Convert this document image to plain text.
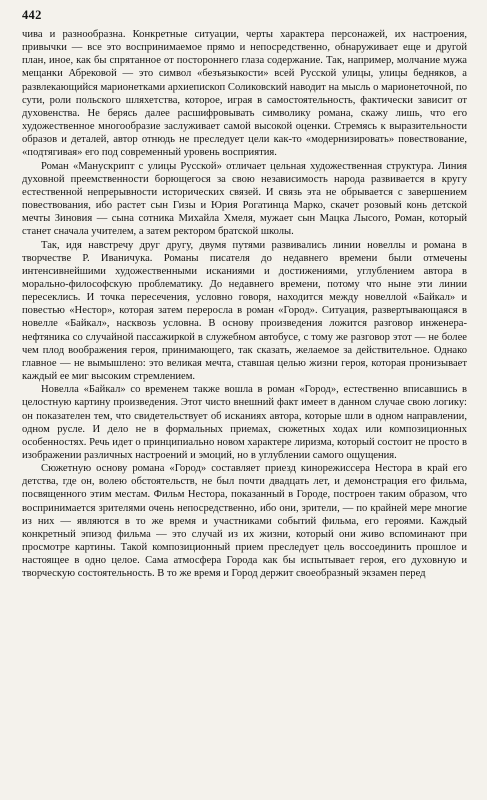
442

чива и разнообразна. Конкретные ситуации, черты характера персонажей, их настроения, привычки — все это воспринимаемое прямо и непосредственно, обнаруживает еще и другой план, иное, как бы спрятанное от постороннего глаза содержание. Так, например, молчание мужа мещанки Абрековой — это символ «безъязыкости» всей Русской улицы, улицы бедняков, а развлекающийся марионетками архиепископ Соликовский наводит на мысль о марионеточной, по сути, роли польского шляхетства, которое, играя в самостоятельность, фактически зависит от духовенства. Не берясь далее расшифровывать символику романа, скажу лишь, что его художественное многообразие заслуживает самой высокой оценки. Стремясь к выразительности образов и деталей, автор отнюдь не преследует цели как-то «модернизировать» повествование, «подтягивая» его под современный уровень восприятия.

Роман «Манускрипт с улицы Русской» отличает цельная художественная структура. Линия духовной преемственности борющегося за свою независимость народа развивается в кругу естественной непрерывности исторических связей. И связь эта не обрывается с завершением повествования, ибо растет сын Гизы и Юрия Рогатинца Марко, скачет розовый конь детской мечты Зиновия — сына сотника Михайла Хмеля, мужает сын Мацка Лысого, Роман, который станет сначала учителем, а затем ректором братской школы.

Так, идя навстречу друг другу, двумя путями развивались линии новеллы и романа в творчестве Р. Иваничука. Романы писателя до недавнего времени были отмечены интенсивнейшими художественными исканиями и достижениями, углублением автора в морально-философскую проблематику. До недавнего времени, потому что ныне эти линии пересеклись. И точка пересечения, условно говоря, находится между новеллой «Байкал» и повестью «Нестор», которая затем переросла в роман «Город». Ситуация, развертывающаяся в новелле «Байкал», насквозь условна. В основу произведения ложится разговор инженера-нефтяника со случайной пассажиркой в служебном автобусе, с тому же разговор этот — не более чем плод воображения героя, принимающего, так сказать, желаемое за действительное. Однако главное — не вымышлено: это великая мечта, ставшая целью жизни героя, которая пронизывает каждый ее миг высоким стремлением.

Новелла «Байкал» со временем также вошла в роман «Город», естественно вписавшись в целостную картину произведения. Этот чисто внешний факт имеет в данном случае свою логику: он показателен тем, что свидетельствует об исканиях автора, которые шли в одном направлении, одном русле. И дело не в формальных приемах, сюжетных ходах или композиционных особенностях. Речь идет о принципиально новом характере лиризма, который состоит не просто в изображении различных настроений и эмоций, но в углублении самого ощущения.

Сюжетную основу романа «Город» составляет приезд кинорежиссера Нестора в край его детства, где он, волею обстоятельств, не был почти двадцать лет, и демонстрация его фильма, посвященного этим местам. Фильм Нестора, показанный в Городе, построен таким образом, что воспринимается зрителями очень непосредственно, ибо они, зрители, — по крайней мере многие из них — являются в то же время и участниками событий фильма, его героями. Каждый конкретный эпизод фильма — это случай из их жизни, который они живо вспоминают при просмотре картины. Такой композиционный прием преследует цель воссоединить прошлое и настоящее в одно целое. Сама атмосфера Города как бы испытывает героя, его духовную и творческую состоятельность. В то же время и Город держит своеобразный экзамен перед
